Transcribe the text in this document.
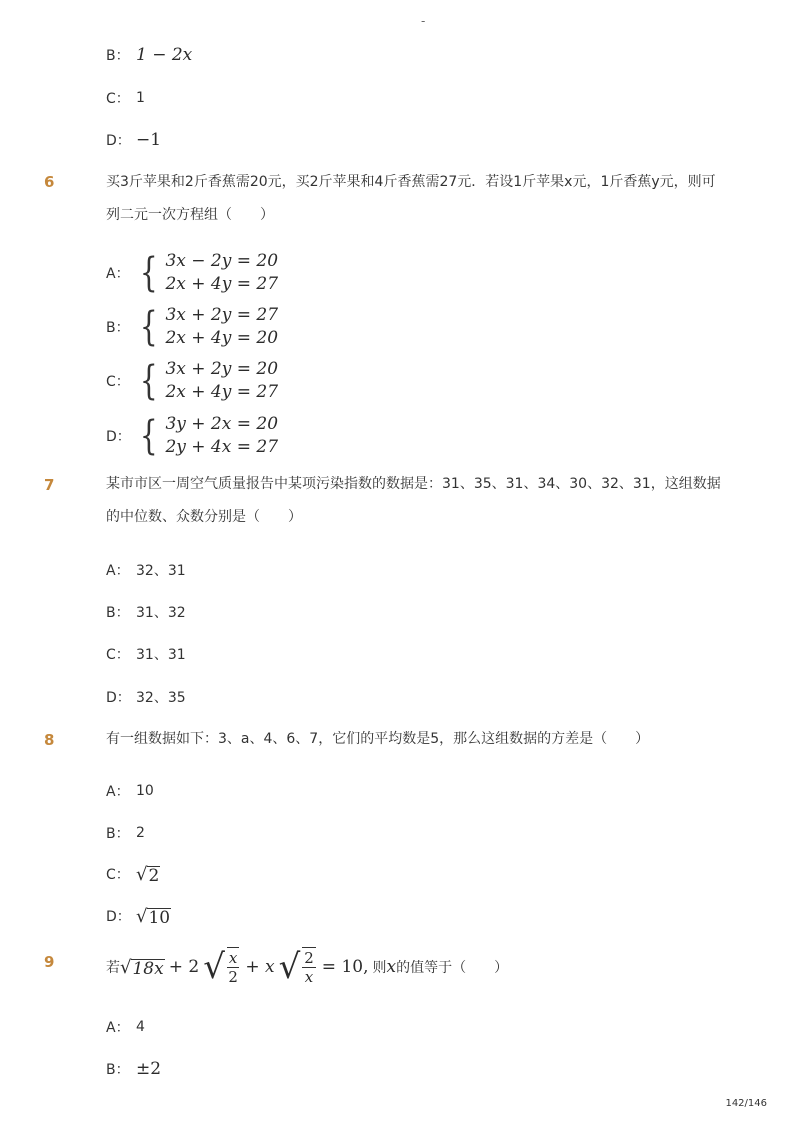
-
B： 1 − 2x
C： 1
D： −1
6	买3斤苹果和2斤香蕉需20元，买2斤苹果和4斤香蕉需27元．若设1斤苹果x元，1斤香蕉y元，则可列二元一次方程组（　　）
A： { 3x − 2y = 20
2x + 4y = 27
B： { 3x + 2y = 27
2x + 4y = 20
C： { 3x + 2y = 20
2x + 4y = 27
D： { 3y + 2x = 20
2y + 4x = 27
7	某市市区一周空气质量报告中某项污染指数的数据是：31、35、31、34、30、32、31，这组数据的中位数、众数分别是（　　）
A： 32、31
B： 31、32
C： 31、31
D： 32、35
8	有一组数据如下：3、a、4、6、7，它们的平均数是5，那么这组数据的方差是（　　）
A： 10
B： 2
C： √ 2
D： √ 10
9	若 √ 18x + 2 √ $\frac{x}{2} + x$ √ $\frac{2}{x} = 10$, 则 x 的值等于（　　）
A： 4
B： ±2
142/146
